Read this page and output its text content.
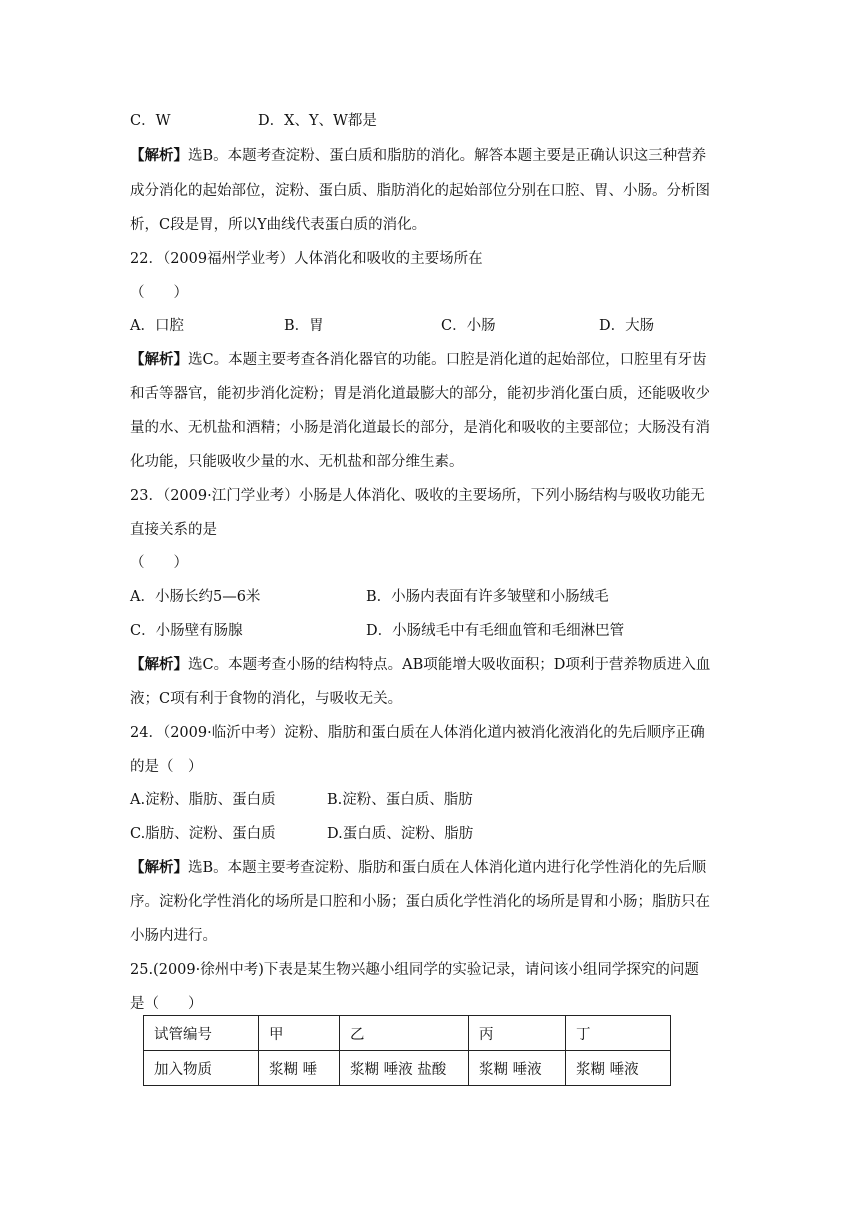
C．W	D．X、Y、W都是
【解析】选B。本题考查淀粉、蛋白质和脂肪的消化。解答本题主要是正确认识这三种营养
成分消化的起始部位，淀粉、蛋白质、脂肪消化的起始部位分别在口腔、胃、小肠。分析图
析，C段是胃，所以Y曲线代表蛋白质的消化。
22．（2009福州学业考）人体消化和吸收的主要场所在
（　　）
A．口腔	B．胃	C．小肠	D．大肠
【解析】选C。本题主要考查各消化器官的功能。口腔是消化道的起始部位，口腔里有牙齿
和舌等器官，能初步消化淀粉；胃是消化道最膨大的部分，能初步消化蛋白质，还能吸收少
量的水、无机盐和酒精；小肠是消化道最长的部分，是消化和吸收的主要部位；大肠没有消
化功能，只能吸收少量的水、无机盐和部分维生素。
23．（2009·江门学业考）小肠是人体消化、吸收的主要场所，下列小肠结构与吸收功能无
直接关系的是
（　　）
A．小肠长约5—6米	B．小肠内表面有许多皱壁和小肠绒毛
C．小肠壁有肠腺	D．小肠绒毛中有毛细血管和毛细淋巴管
【解析】选C。本题考查小肠的结构特点。AB项能增大吸收面积；D项利于营养物质进入血
液；C项有利于食物的消化，与吸收无关。
24．（2009·临沂中考）淀粉、脂肪和蛋白质在人体消化道内被消化液消化的先后顺序正确
的是（　）
A.淀粉、脂肪、蛋白质	B.淀粉、蛋白质、脂肪
C.脂肪、淀粉、蛋白质	D.蛋白质、淀粉、脂肪
【解析】选B。本题主要考查淀粉、脂肪和蛋白质在人体消化道内进行化学性消化的先后顺
序。淀粉化学性消化的场所是口腔和小肠；蛋白质化学性消化的场所是胃和小肠；脂肪只在
小肠内进行。
25.(2009·徐州中考)下表是某生物兴趣小组同学的实验记录，请问该小组同学探究的问题
是（　　）
试管编号	甲	乙	丙	丁
加入物质	浆糊 唾	浆糊 唾液 盐酸	浆糊 唾液	浆糊 唾液
